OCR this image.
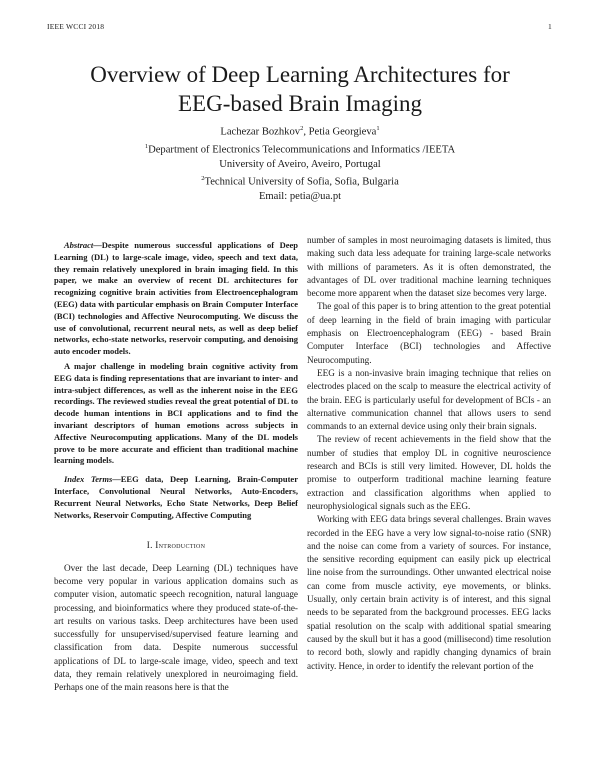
IEEE WCCI 2018	1
Overview of Deep Learning Architectures for
EEG-based Brain Imaging
Lachezar Bozhkov$^2$, Petia Georgieva$^1$
$^1$Department of Electronics Telecommunications and Informatics /IEETA
University of Aveiro, Aveiro, Portugal
$^2$Technical University of Sofia, Sofia, Bulgaria
Email: petia@ua.pt

Abstract—Despite numerous successful applications of Deep Learning (DL) to large-scale image, video, speech and text data, they remain relatively unexplored in brain imaging field. In this paper, we make an overview of recent DL architectures for recognizing cognitive brain activities from Electroencephalogram (EEG) data with particular emphasis on Brain Computer Interface (BCI) technologies and Affective Neurocomputing. We discuss the use of convolutional, recurrent neural nets, as well as deep belief networks, echo-state networks, reservoir computing, and denoising auto encoder models.

A major challenge in modeling brain cognitive activity from EEG data is finding representations that are invariant to inter- and intra-subject differences, as well as the inherent noise in the EEG recordings. The reviewed studies reveal the great potential of DL to decode human intentions in BCI applications and to find the invariant descriptors of human emotions across subjects in Affective Neurocomputing applications. Many of the DL models prove to be more accurate and efficient than traditional machine learning models.

Index Terms—EEG data, Deep Learning, Brain-Computer Interface, Convolutional Neural Networks, Auto-Encoders, Recurrent Neural Networks, Echo State Networks, Deep Belief Networks, Reservoir Computing, Affective Computing

I. Introduction

Over the last decade, Deep Learning (DL) techniques have become very popular in various application domains such as computer vision, automatic speech recognition, natural language processing, and bioinformatics where they produced state-of-the-art results on various tasks. Deep architectures have been used successfully for unsupervised/supervised feature learning and classification from data. Despite numerous successful applications of DL to large-scale image, video, speech and text data, they remain relatively unexplored in neuroimaging field. Perhaps one of the main reasons here is that the

number of samples in most neuroimaging datasets is limited, thus making such data less adequate for training large-scale networks with millions of parameters. As it is often demonstrated, the advantages of DL over traditional machine learning techniques become more apparent when the dataset size becomes very large.

The goal of this paper is to bring attention to the great potential of deep learning in the field of brain imaging with particular emphasis on Electroencephalogram (EEG) - based Brain Computer Interface (BCI) technologies and Affective Neurocomputing.

EEG is a non-invasive brain imaging technique that relies on electrodes placed on the scalp to measure the electrical activity of the brain. EEG is particularly useful for development of BCIs - an alternative communication channel that allows users to send commands to an external device using only their brain signals.

The review of recent achievements in the field show that the number of studies that employ DL in cognitive neuroscience research and BCIs is still very limited. However, DL holds the promise to outperform traditional machine learning feature extraction and classification algorithms when applied to neurophysiological signals such as the EEG.

Working with EEG data brings several challenges. Brain waves recorded in the EEG have a very low signal-to-noise ratio (SNR) and the noise can come from a variety of sources. For instance, the sensitive recording equipment can easily pick up electrical line noise from the surroundings. Other unwanted electrical noise can come from muscle activity, eye movements, or blinks. Usually, only certain brain activity is of interest, and this signal needs to be separated from the background processes. EEG lacks spatial resolution on the scalp with additional spatial smearing caused by the skull but it has a good (millisecond) time resolution to record both, slowly and rapidly changing dynamics of brain activity. Hence, in order to identify the relevant portion of the
